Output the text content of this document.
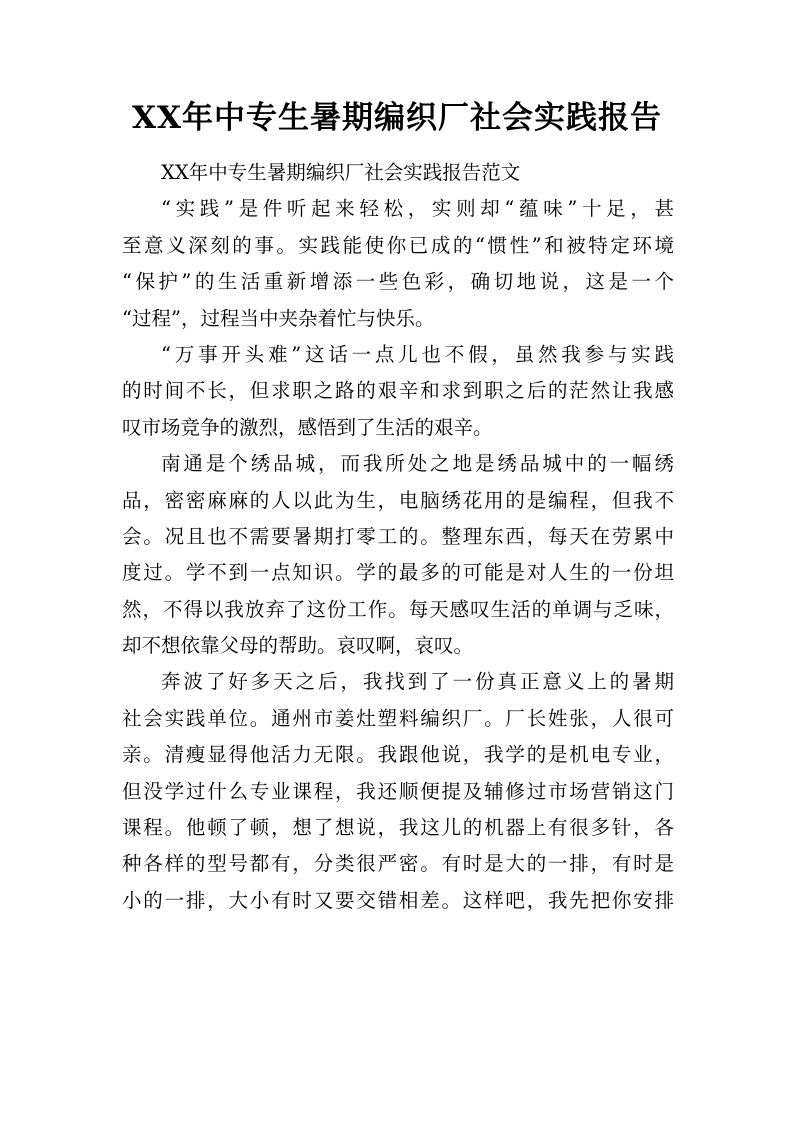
XX年中专生暑期编织厂社会实践报告
XX年中专生暑期编织厂社会实践报告范文
“实践”是件听起来轻松，实则却“蕴味”十足，甚
至意义深刻的事。实践能使你已成的“惯性”和被特定环境
“保护”的生活重新增添一些色彩，确切地说，这是一个
“过程”，过程当中夹杂着忙与快乐。
“万事开头难”这话一点儿也不假，虽然我参与实践
的时间不长，但求职之路的艰辛和求到职之后的茫然让我感
叹市场竞争的激烈，感悟到了生活的艰辛。
南通是个绣品城，而我所处之地是绣品城中的一幅绣
品，密密麻麻的人以此为生，电脑绣花用的是编程，但我不
会。况且也不需要暑期打零工的。整理东西，每天在劳累中
度过。学不到一点知识。学的最多的可能是对人生的一份坦
然，不得以我放弃了这份工作。每天感叹生活的单调与乏味，
却不想依靠父母的帮助。哀叹啊，哀叹。
奔波了好多天之后，我找到了一份真正意义上的暑期
社会实践单位。通州市姜灶塑料编织厂。厂长姓张，人很可
亲。清瘦显得他活力无限。我跟他说，我学的是机电专业，
但没学过什么专业课程，我还顺便提及辅修过市场营销这门
课程。他顿了顿，想了想说，我这儿的机器上有很多针，各
种各样的型号都有，分类很严密。有时是大的一排，有时是
小的一排，大小有时又要交错相差。这样吧，我先把你安排
